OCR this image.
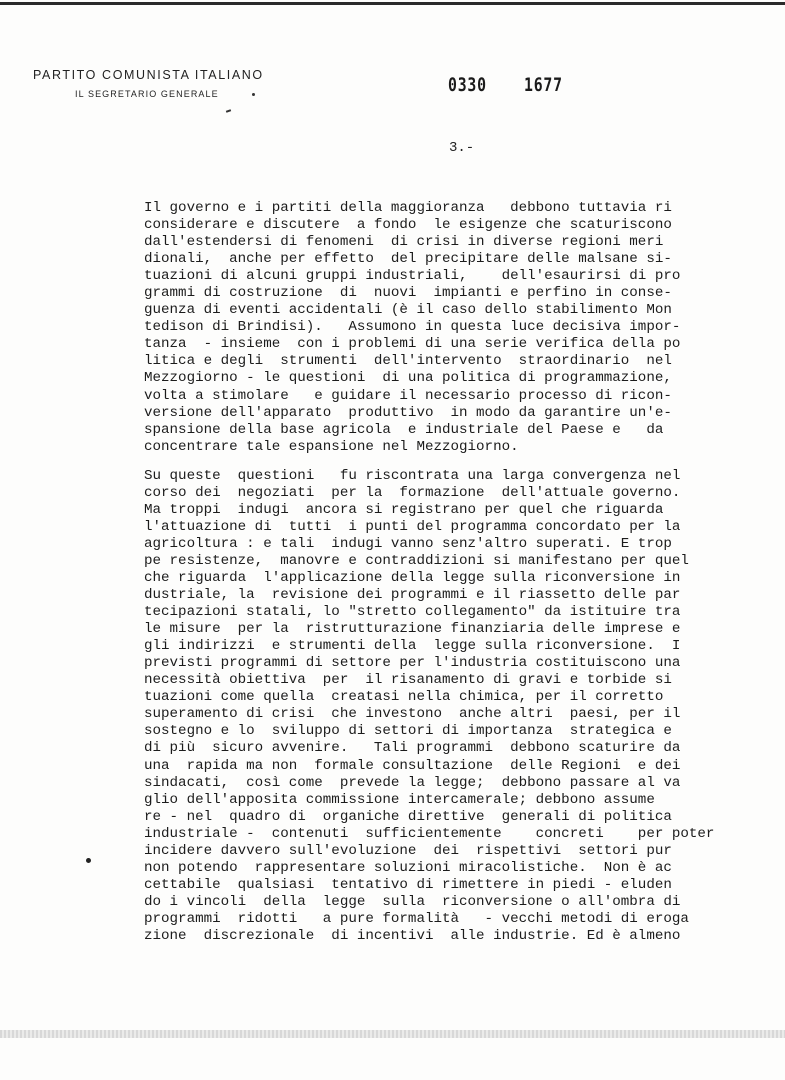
PARTITO COMUNISTA ITALIANO
IL SEGRETARIO GENERALE	0330 1677
3.-
Il governo e i partiti della maggioranza   debbono tuttavia ri
considerare e discutere  a fondo  le esigenze che scaturiscono
dall'estendersi di fenomeni  di crisi in diverse regioni meri
dionali,  anche per effetto  del precipitare delle malsane si-
tuazioni di alcuni gruppi industriali,    dell'esaurirsi di pro
grammi di costruzione  di  nuovi  impianti e perfino in conse-
guenza di eventi accidentali (è il caso dello stabilimento Mon
tedison di Brindisi).   Assumono in questa luce decisiva impor-
tanza  - insieme  con i problemi di una serie verifica della po
litica e degli  strumenti  dell'intervento  straordinario  nel
Mezzogiorno - le questioni  di una politica di programmazione,
volta a stimolare   e guidare il necessario processo di ricon-
versione dell'apparato  produttivo  in modo da garantire un'e-
spansione della base agricola  e industriale del Paese e   da
concentrare tale espansione nel Mezzogiorno.
Su queste  questioni   fu riscontrata una larga convergenza nel
corso dei  negoziati  per la  formazione  dell'attuale governo.
Ma troppi  indugi  ancora si registrano per quel che riguarda
l'attuazione di  tutti  i punti del programma concordato per la
agricoltura : e tali  indugi vanno senz'altro superati. E trop
pe resistenze,  manovre e contraddizioni si manifestano per quel
che riguarda  l'applicazione della legge sulla riconversione in
dustriale, la  revisione dei programmi e il riassetto delle par
tecipazioni statali, lo "stretto collegamento" da istituire tra
le misure  per la  ristrutturazione finanziaria delle imprese e
gli indirizzi  e strumenti della  legge sulla riconversione.  I
previsti programmi di settore per l'industria costituiscono una
necessità obiettiva  per  il risanamento di gravi e torbide si
tuazioni come quella  creatasi nella chimica, per il corretto
superamento di crisi  che investono  anche altri  paesi, per il
sostegno e lo  sviluppo di settori di importanza  strategica e
di più  sicuro avvenire.   Tali programmi  debbono scaturire da
una  rapida ma non  formale consultazione  delle Regioni  e dei
sindacati,  così come  prevede la legge;  debbono passare al va
glio dell'apposita commissione intercamerale; debbono assume
re - nel  quadro di  organiche direttive  generali di politica
industriale -  contenuti  sufficientemente    concreti    per poter
incidere davvero sull'evoluzione  dei  rispettivi  settori pur
non potendo  rappresentare soluzioni miracolistiche.  Non è ac
cettabile  qualsiasi  tentativo di rimettere in piedi - eluden
do i vincoli  della  legge  sulla  riconversione o all'ombra di
programmi  ridotti   a pure formalità   - vecchi metodi di eroga
zione  discrezionale  di incentivi  alle industrie. Ed è almeno
